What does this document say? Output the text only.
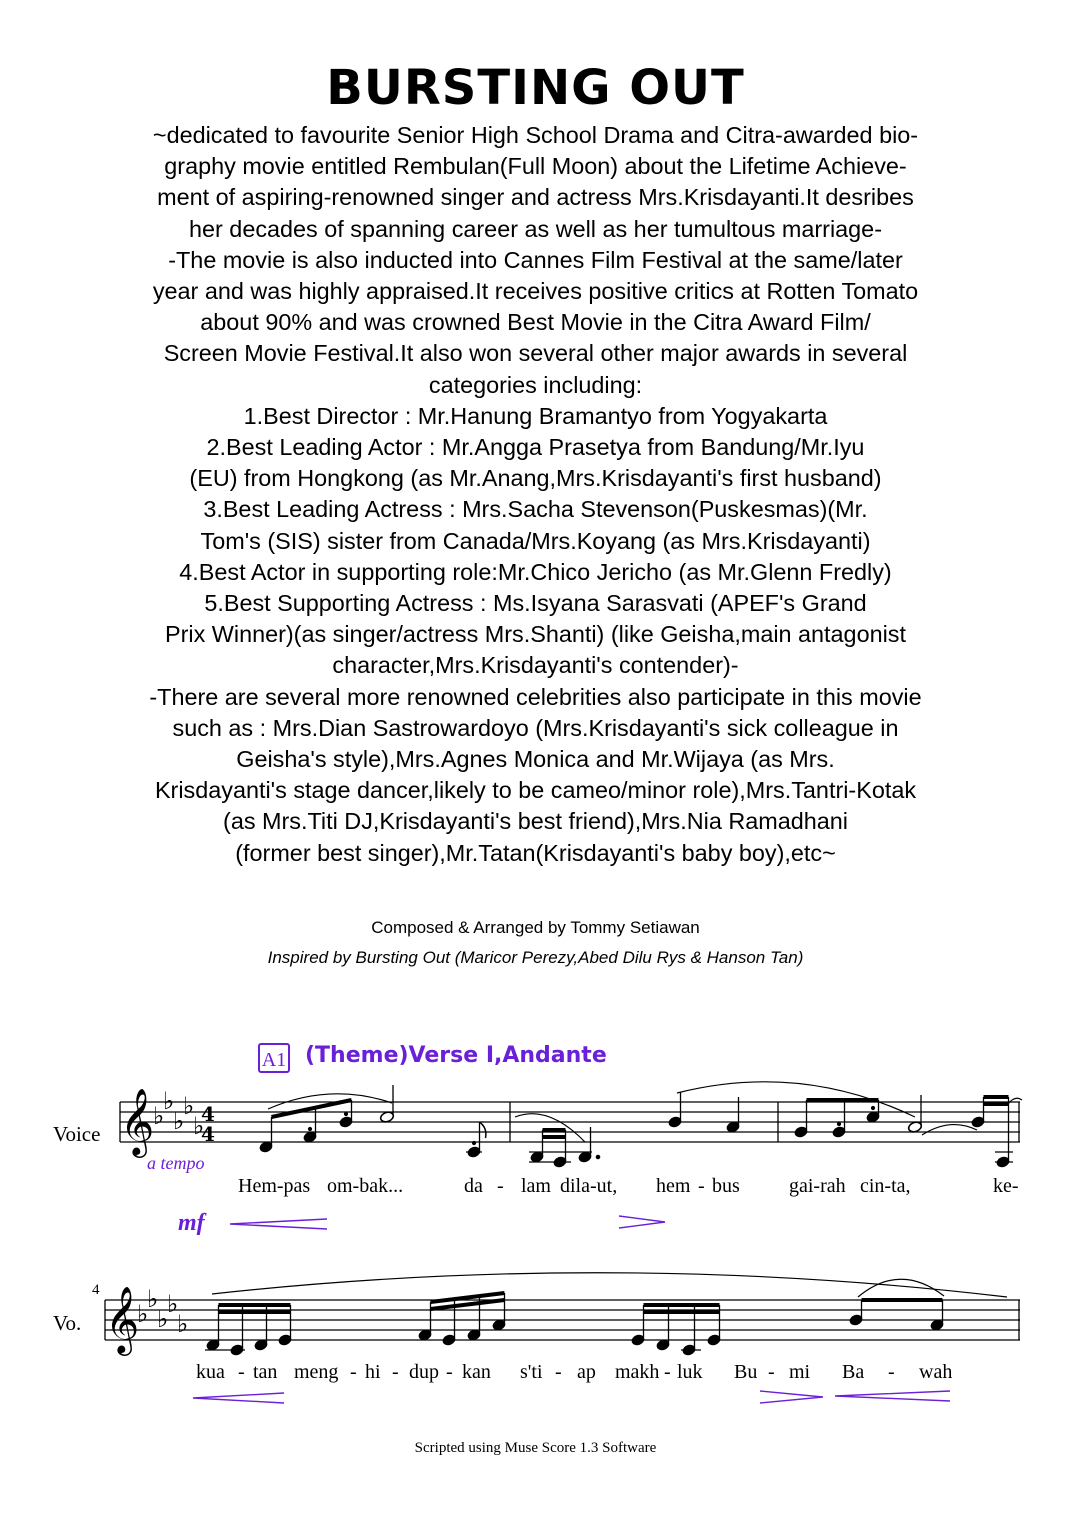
BURSTING OUT
~dedicated to favourite Senior High School Drama and Citra-awarded bio-
graphy movie entitled Rembulan(Full Moon) about the Lifetime Achieve-
ment of aspiring-renowned singer and actress Mrs.Krisdayanti.It desribes
her decades of spanning career as well as her tumultous marriage-
-The movie is also inducted into Cannes Film Festival at the same/later
year and was highly appraised.It receives positive critics at Rotten Tomato
about 90% and was crowned Best Movie in the Citra Award Film/
Screen Movie Festival.It also won several other major awards in several
categories including:
1.Best Director : Mr.Hanung Bramantyo from Yogyakarta
2.Best Leading Actor : Mr.Angga Prasetya from Bandung/Mr.Iyu
(EU) from Hongkong (as Mr.Anang,Mrs.Krisdayanti's first husband)
3.Best Leading Actress : Mrs.Sacha Stevenson(Puskesmas)(Mr.
Tom's (SIS) sister from Canada/Mrs.Koyang (as Mrs.Krisdayanti)
4.Best Actor in supporting role:Mr.Chico Jericho (as Mr.Glenn Fredly)
5.Best Supporting Actress : Ms.Isyana Sarasvati (APEF's Grand
Prix Winner)(as singer/actress Mrs.Shanti) (like Geisha,main antagonist
character,Mrs.Krisdayanti's contender)-
-There are several more renowned celebrities also participate in this movie
such as : Mrs.Dian Sastrowardoyo (Mrs.Krisdayanti's sick colleague in
Geisha's style),Mrs.Agnes Monica and Mr.Wijaya (as Mrs.
Krisdayanti's stage dancer,likely to be cameo/minor role),Mrs.Tantri-Kotak
(as Mrs.Titi DJ,Krisdayanti's best friend),Mrs.Nia Ramadhani
(former best singer),Mr.Tatan(Krisdayanti's baby boy),etc~
Composed & Arranged by Tommy Setiawan
Inspired by Bursting Out (Maricor Perezy,Abed Dilu Rys & Hanson Tan)
A1 (Theme)Verse I,Andante
Voice
Vo.
a tempo
mf
4
Hem-pas om-bak...	da - lam dila-ut, hem - bus gai-rah cin-ta,	ke-
kua - tan meng - hi - dup - kan s'ti - ap makh - luk Bu - mi Ba - wah
𝄞
♭
♭
♭
♭
♭
4
4
𝄞
♭
♭
♭
♭
♭
Scripted using Muse Score 1.3 Software
